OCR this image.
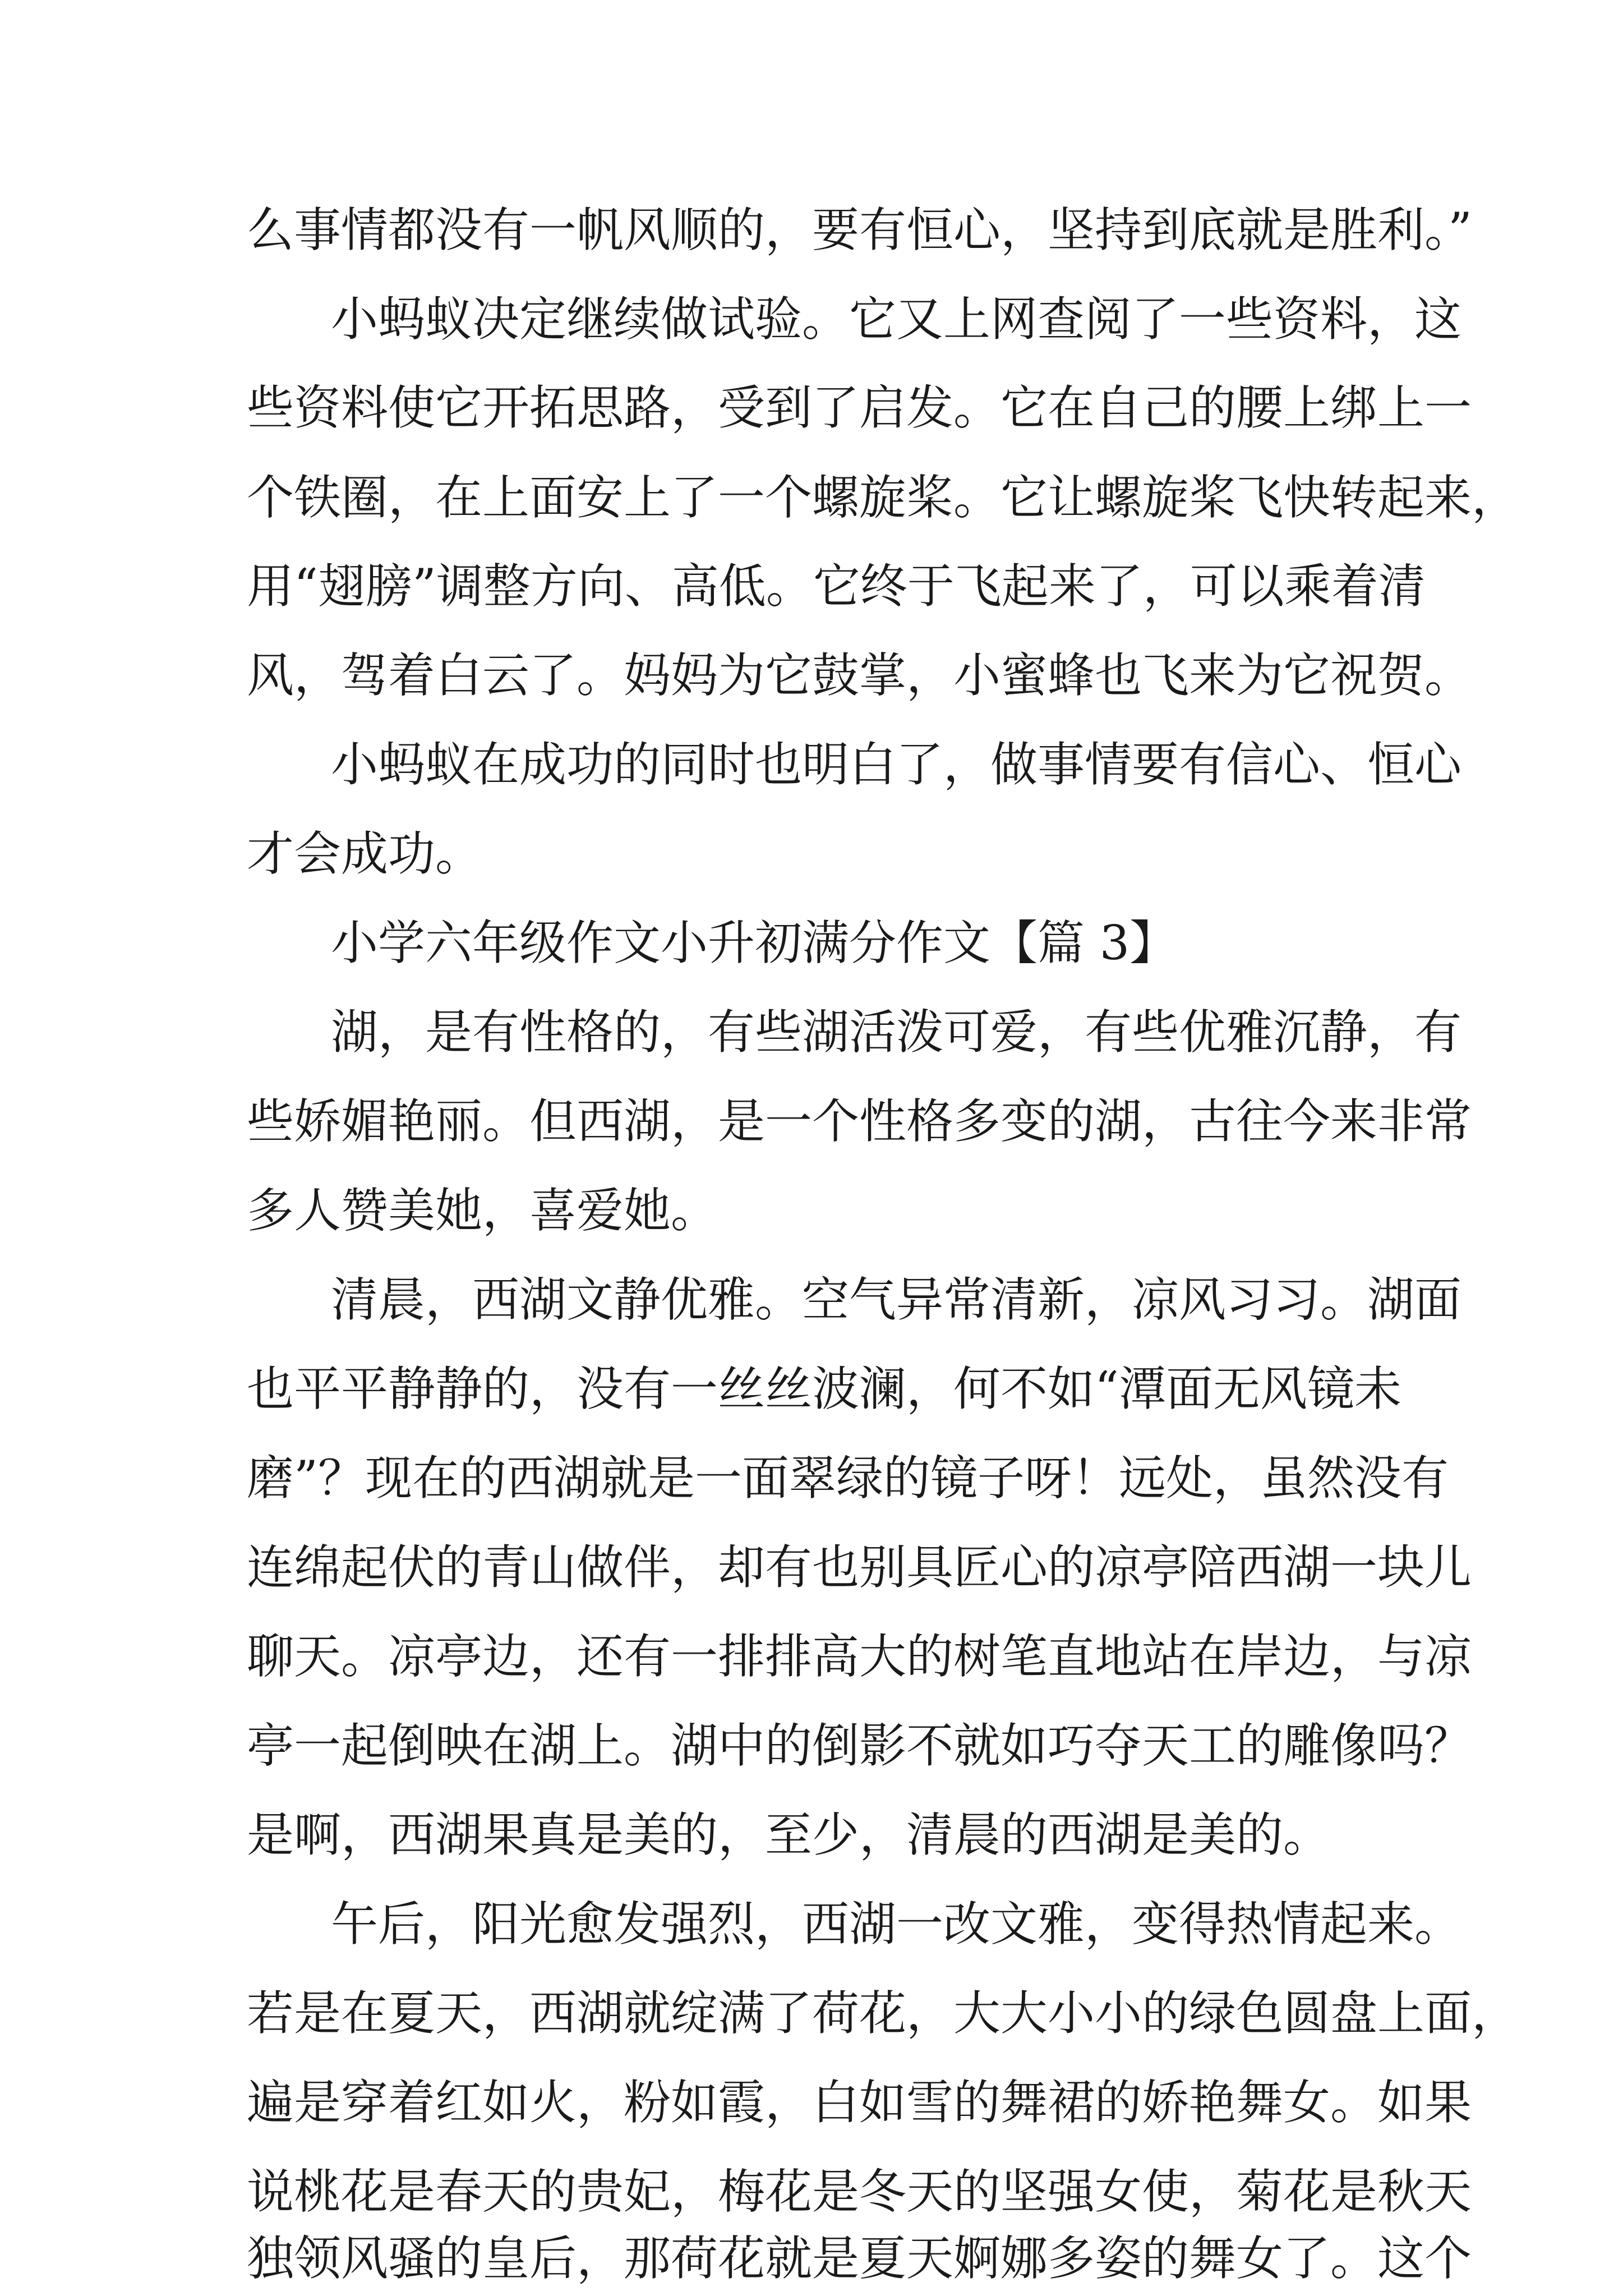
么事情都没有一帆风顺的，要有恒心，坚持到底就是胜利。”
小蚂蚁决定继续做试验。它又上网查阅了一些资料，这
些资料使它开拓思路，受到了启发。它在自己的腰上绑上一
个铁圈，在上面安上了一个螺旋桨。它让螺旋桨飞快转起来，
用“翅膀”调整方向、高低。它终于飞起来了，可以乘着清
风，驾着白云了。妈妈为它鼓掌，小蜜蜂也飞来为它祝贺。
小蚂蚁在成功的同时也明白了，做事情要有信心、恒心
才会成功。
小学六年级作文小升初满分作文【篇 3】
湖，是有性格的，有些湖活泼可爱，有些优雅沉静，有
些娇媚艳丽。但西湖，是一个性格多变的湖，古往今来非常
多人赞美她，喜爱她。
清晨，西湖文静优雅。空气异常清新，凉风习习。湖面
也平平静静的，没有一丝丝波澜，何不如“潭面无风镜未
磨”？现在的西湖就是一面翠绿的镜子呀！远处，虽然没有
连绵起伏的青山做伴，却有也别具匠心的凉亭陪西湖一块儿
聊天。凉亭边，还有一排排高大的树笔直地站在岸边，与凉
亭一起倒映在湖上。湖中的倒影不就如巧夺天工的雕像吗？
是啊，西湖果真是美的，至少，清晨的西湖是美的。
午后，阳光愈发强烈，西湖一改文雅，变得热情起来。
若是在夏天，西湖就绽满了荷花，大大小小的绿色圆盘上面，
遍是穿着红如火，粉如霞，白如雪的舞裙的娇艳舞女。如果
说桃花是春天的贵妃，梅花是冬天的坚强女使，菊花是秋天
独领风骚的皇后，那荷花就是夏天婀娜多姿的舞女了。这个
